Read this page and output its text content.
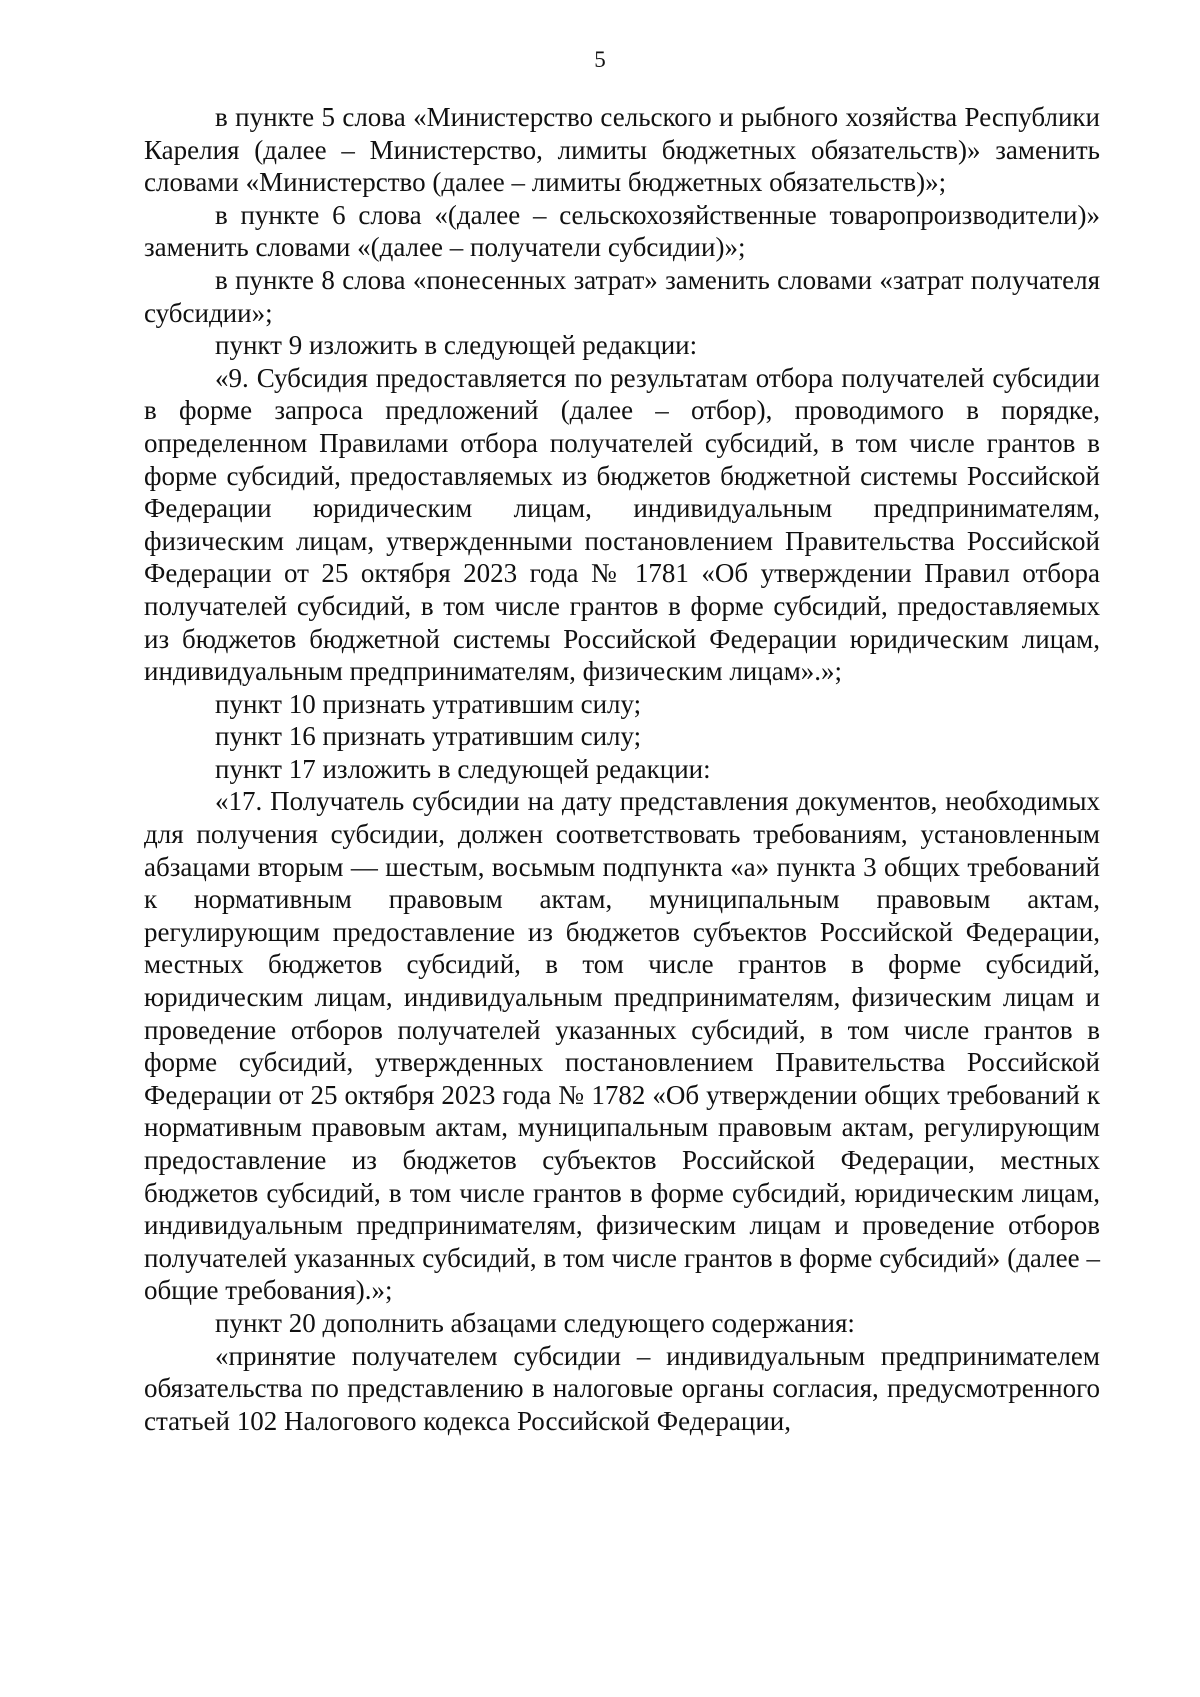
5

в пункте 5 слова «Министерство сельского и рыбного хозяйства Республики Карелия (далее – Министерство, лимиты бюджетных обязательств)» заменить словами «Министерство (далее – лимиты бюджетных обязательств)»;

в пункте 6 слова «(далее – сельскохозяйственные товаропроизводители)» заменить словами «(далее – получатели субсидии)»;

в пункте 8 слова «понесенных затрат» заменить словами «затрат получателя субсидии»;

пункт 9 изложить в следующей редакции:

«9. Субсидия предоставляется по результатам отбора получателей субсидии в форме запроса предложений (далее – отбор), проводимого в порядке, определенном Правилами отбора получателей субсидий, в том числе грантов в форме субсидий, предоставляемых из бюджетов бюджетной системы Российской Федерации юридическим лицам, индивидуальным предпринимателям, физическим лицам, утвержденными постановлением Правительства Российской Федерации от 25 октября 2023 года № 1781 «Об утверждении Правил отбора получателей субсидий, в том числе грантов в форме субсидий, предоставляемых из бюджетов бюджетной системы Российской Федерации юридическим лицам, индивидуальным предпринимателям, физическим лицам».»;

пункт 10 признать утратившим силу;

пункт 16 признать утратившим силу;

пункт 17 изложить в следующей редакции:

«17. Получатель субсидии на дату представления документов, необходимых для получения субсидии, должен соответствовать требованиям, установленным абзацами вторым — шестым, восьмым подпункта «а» пункта 3 общих требований к нормативным правовым актам, муниципальным правовым актам, регулирующим предоставление из бюджетов субъектов Российской Федерации, местных бюджетов субсидий, в том числе грантов в форме субсидий, юридическим лицам, индивидуальным предпринимателям, физическим лицам и проведение отборов получателей указанных субсидий, в том числе грантов в форме субсидий, утвержденных постановлением Правительства Российской Федерации от 25 октября 2023 года № 1782 «Об утверждении общих требований к нормативным правовым актам, муниципальным правовым актам, регулирующим предоставление из бюджетов субъектов Российской Федерации, местных бюджетов субсидий, в том числе грантов в форме субсидий, юридическим лицам, индивидуальным предпринимателям, физическим лицам и проведение отборов получателей указанных субсидий, в том числе грантов в форме субсидий» (далее – общие требования).»;

пункт 20 дополнить абзацами следующего содержания:

«принятие получателем субсидии – индивидуальным предпринимателем обязательства по представлению в налоговые органы согласия, предусмотренного статьей 102 Налогового кодекса Российской Федерации,
